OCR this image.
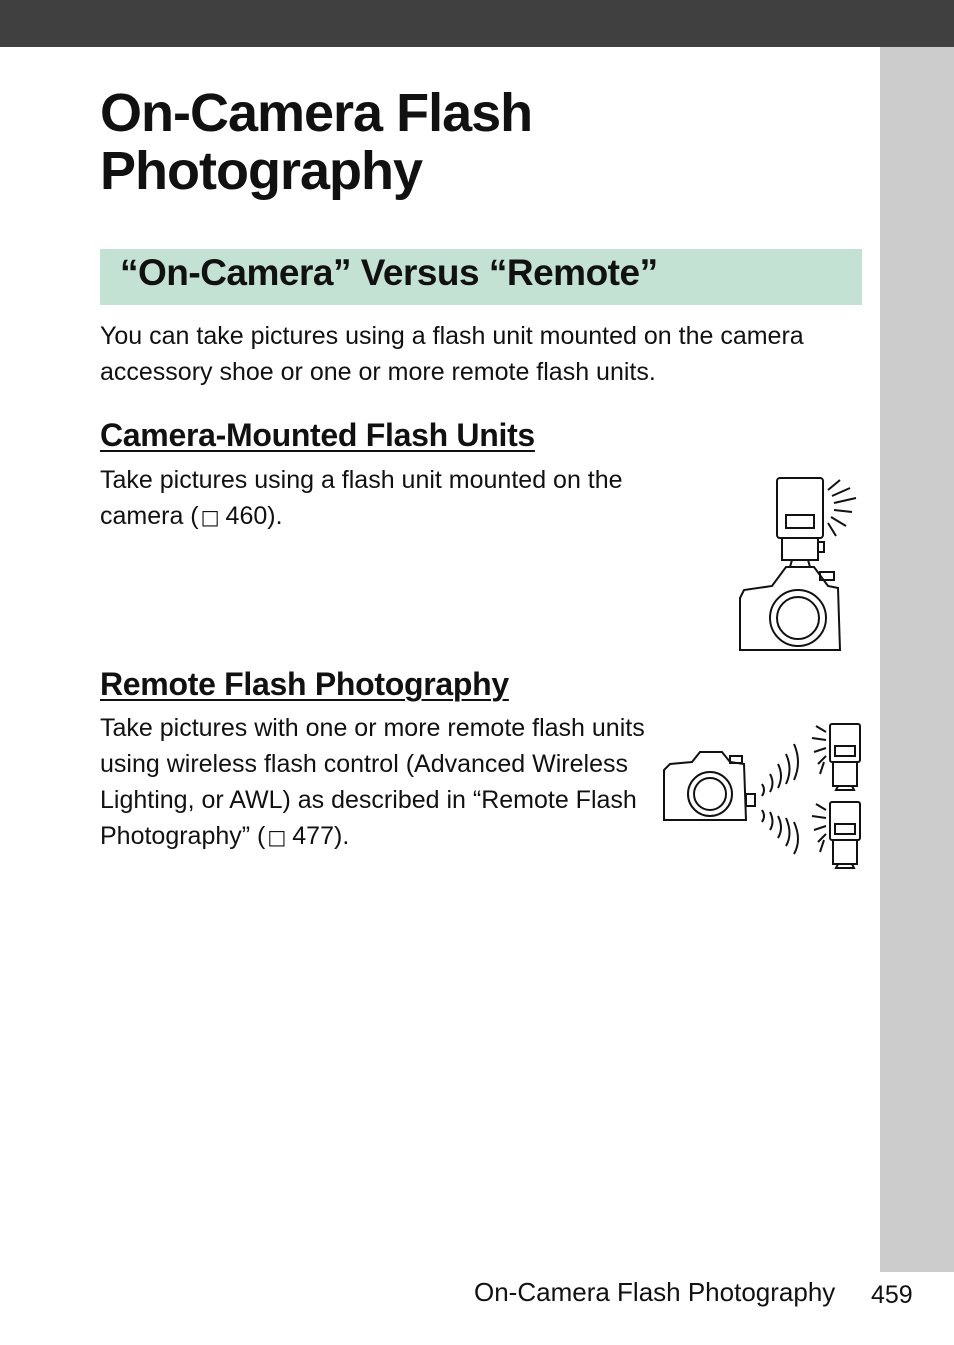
On-Camera Flash Photography
“On-Camera” Versus “Remote”

You can take pictures using a flash unit mounted on the camera accessory shoe or one or more remote flash units.

Camera-Mounted Flash Units

Take pictures using a flash unit mounted on the camera ( □ 460).

Remote Flash Photography

Take pictures with one or more remote flash units using wireless flash control (Advanced Wireless Lighting, or AWL) as described in “Remote Flash Photography” ( □ 477).

On-Camera Flash Photography 459
